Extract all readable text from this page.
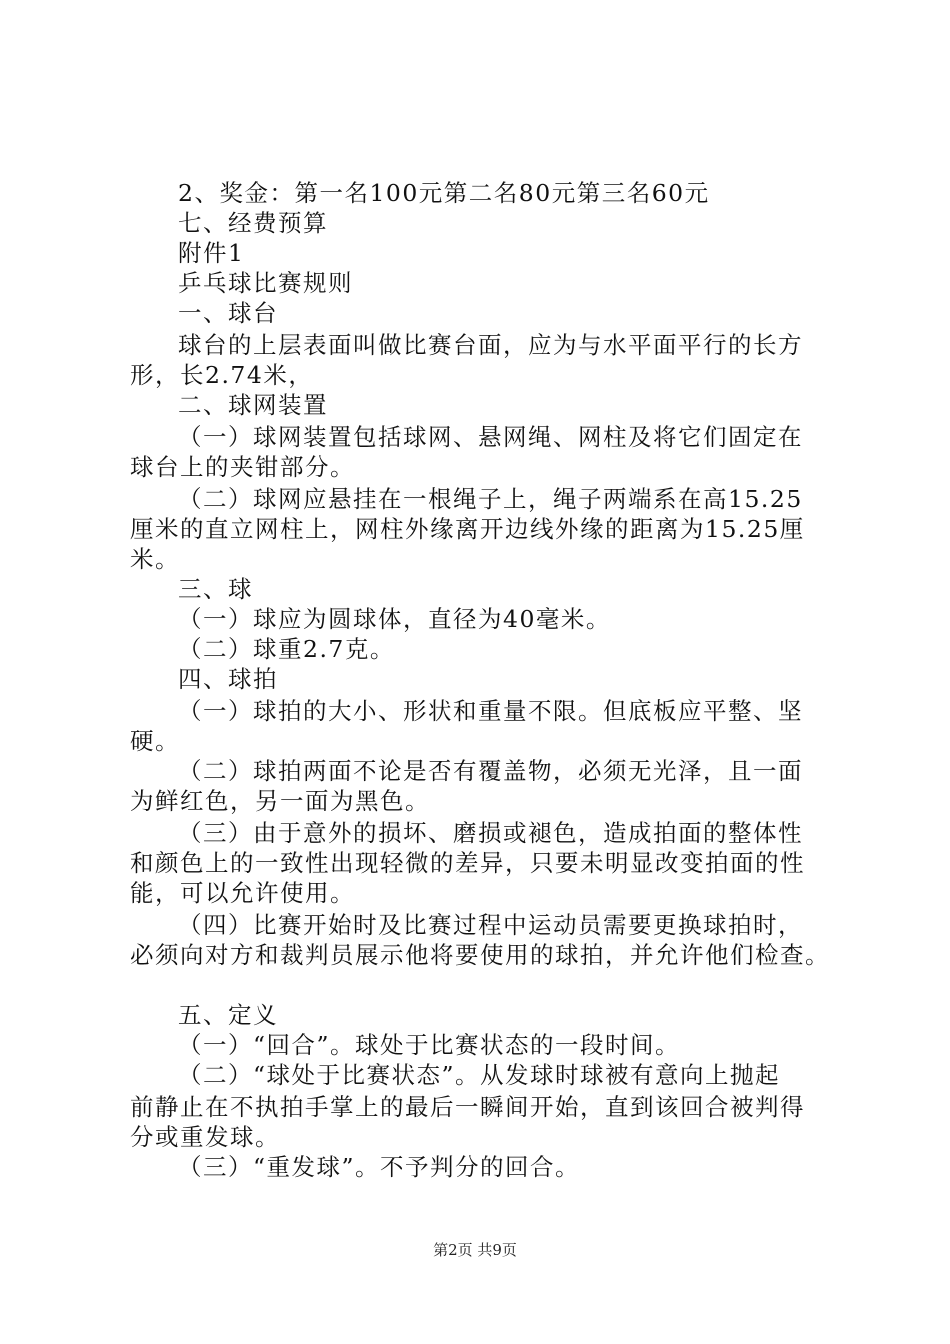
2、奖金：第一名100元第二名80元第三名60元
七、经费预算
附件1
乒乓球比赛规则
一、球台
球台的上层表面叫做比赛台面，应为与水平面平行的长方
形，长2.74米，
二、球网装置
（一）球网装置包括球网、悬网绳、网柱及将它们固定在
球台上的夹钳部分。
（二）球网应悬挂在一根绳子上，绳子两端系在高15.25
厘米的直立网柱上，网柱外缘离开边线外缘的距离为15.25厘
米。
三、球
（一）球应为圆球体，直径为40毫米。
（二）球重2.7克。
四、球拍
（一）球拍的大小、形状和重量不限。但底板应平整、坚
硬。
（二）球拍两面不论是否有覆盖物，必须无光泽，且一面
为鲜红色，另一面为黑色。
（三）由于意外的损坏、磨损或褪色，造成拍面的整体性
和颜色上的一致性出现轻微的差异，只要未明显改变拍面的性
能，可以允许使用。
（四）比赛开始时及比赛过程中运动员需要更换球拍时，
必须向对方和裁判员展示他将要使用的球拍，并允许他们检查。
五、定义
（一）“回合”。球处于比赛状态的一段时间。
（二）“球处于比赛状态”。从发球时球被有意向上抛起
前静止在不执拍手掌上的最后一瞬间开始，直到该回合被判得
分或重发球。
（三）“重发球”。不予判分的回合。
第2页 共9页
